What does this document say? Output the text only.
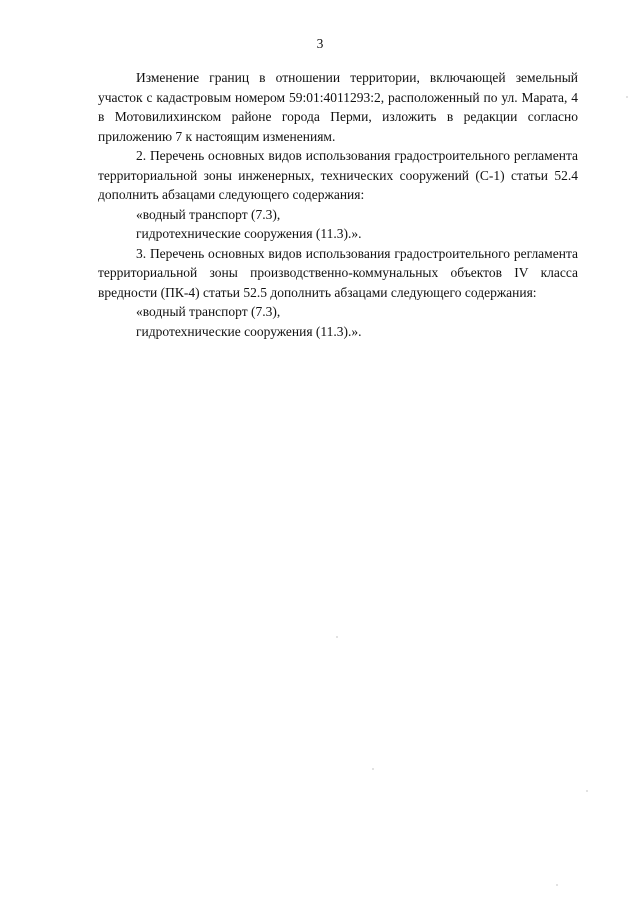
3

Изменение границ в отношении территории, включающей земельный участок с кадастровым номером 59:01:4011293:2, расположенный по ул. Марата, 4 в Мотовилихинском районе города Перми, изложить в редакции согласно приложению 7 к настоящим изменениям.

2. Перечень основных видов использования градостроительного регламента территориальной зоны инженерных, технических сооружений (С-1) статьи 52.4 дополнить абзацами следующего содержания:

«водный транспорт (7.3),

гидротехнические сооружения (11.3).».

3. Перечень основных видов использования градостроительного регламента территориальной зоны производственно-коммунальных объектов IV класса вредности (ПК-4) статьи 52.5 дополнить абзацами следующего содержания:

«водный транспорт (7.3),

гидротехнические сооружения (11.3).».
